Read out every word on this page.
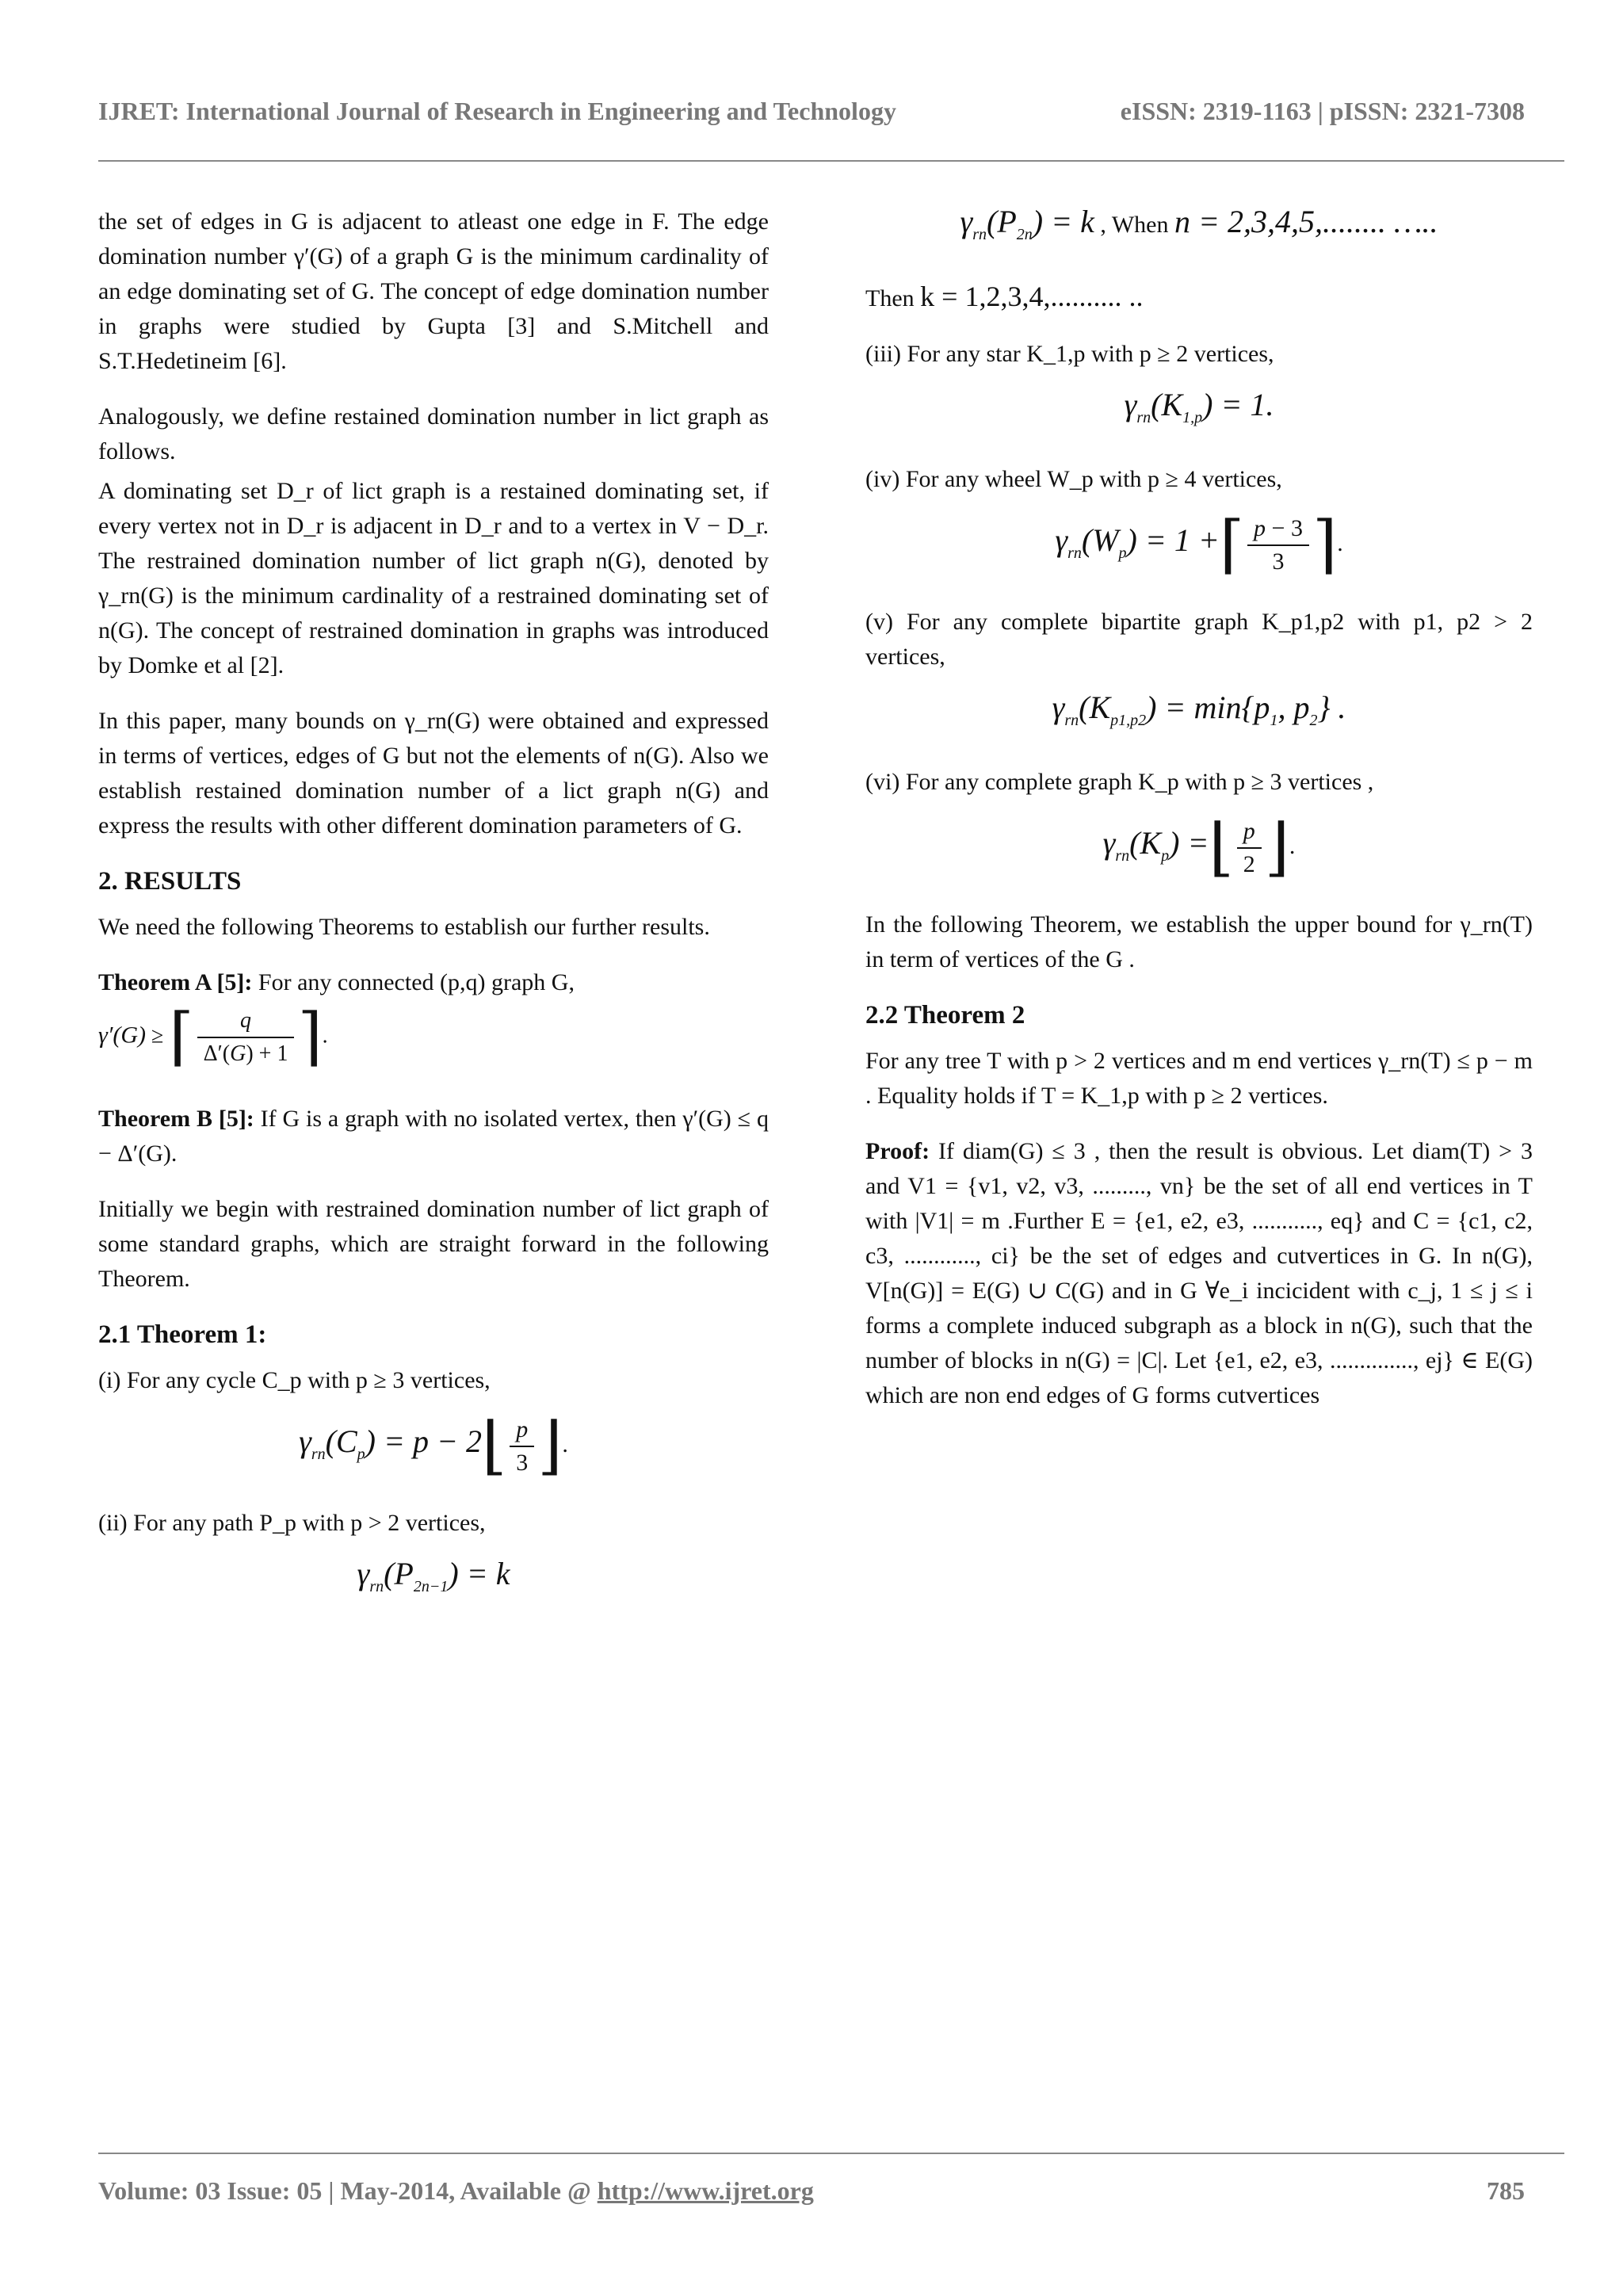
IJRET: International Journal of Research in Engineering and Technology	eISSN: 2319-1163 | pISSN: 2321-7308

the set of edges in G is adjacent to atleast one edge in F. The edge domination number γ′(G) of a graph G is the minimum cardinality of an edge dominating set of G. The concept of edge domination number in graphs were studied by Gupta [3] and S.Mitchell and S.T.Hedetineim [6].

Analogously, we define restained domination number in lict graph as follows.

A dominating set D_r of lict graph is a restained dominating set, if every vertex not in D_r is adjacent in D_r and to a vertex in V − D_r. The restrained domination number of lict graph n(G), denoted by γ_rn(G) is the minimum cardinality of a restrained dominating set of n(G). The concept of restrained domination in graphs was introduced by Domke et al [2].

In this paper, many bounds on γ_rn(G) were obtained and expressed in terms of vertices, edges of G but not the elements of n(G). Also we establish restained domination number of a lict graph n(G) and express the results with other different domination parameters of G.

2. RESULTS

We need the following Theorems to establish our further results.

Theorem A [5]: For any connected (p,q) graph G,

γ′(G) ≥ ⌈ $\frac{q}{\Delta'(G) + 1}$ ⌉.

Theorem B [5]: If G is a graph with no isolated vertex, then γ′(G) ≤ q − Δ′(G).

Initially we begin with restrained domination number of lict graph of some standard graphs, which are straight forward in the following Theorem.

2.1 Theorem 1:

(i) For any cycle C_p with p ≥ 3 vertices,

$\gamma_{rn}(C_p) = p$ − 2⌊ $\frac{p}{3}$ ⌋.

(ii) For any path P_p with p > 2 vertices,

$\gamma_{rn}(P_{2n-1}) = k$
$\gamma_{rn}(P_{2n}) = k$ , When n = 2,3,4,5,........ …..

Then k = 1,2,3,4,.......... ..

(iii) For any star K_1,p with p ≥ 2 vertices,

$\gamma_{rn}(K_{1,p}) = 1$.

(iv) For any wheel W_p with p ≥ 4 vertices,

$\gamma_{rn}(W_p) = 1$ +⌈ $\frac{p - 3}{3}$ ⌉.

(v) For any complete bipartite graph K_p1,p2 with p1, p2 > 2 vertices,

$\gamma_{rn}(K_{p1,p2}) = \min\{p_1$, $p_2$} .

(vi) For any complete graph K_p with p ≥ 3 vertices ,

$\gamma_{rn}(K_p)$ =⌊ $\frac{p}{2}$ ⌋.

In the following Theorem, we establish the upper bound for γ_rn(T) in term of vertices of the G .

2.2 Theorem 2

For any tree T with p > 2 vertices and m end vertices γ_rn(T) ≤ p − m . Equality holds if T = K_1,p with p ≥ 2 vertices.

Proof: If diam(G) ≤ 3 , then the result is obvious. Let diam(T) > 3 and V1 = {v1, v2, v3, ........., vn} be the set of all end vertices in T with |V1| = m .Further E = {e1, e2, e3, ..........., eq} and C = {c1, c2, c3, ............, ci} be the set of edges and cutvertices in G. In n(G), V[n(G)] = E(G) ∪ C(G) and in G ∀e_i incicident with c_j, 1 ≤ j ≤ i forms a complete induced subgraph as a block in n(G), such that the number of blocks in n(G) = |C|. Let {e1, e2, e3, .............., ej} ∈ E(G) which are non end edges of G forms cutvertices

Volume: 03 Issue: 05 | May-2014, Available @ http://www.ijret.org	785
